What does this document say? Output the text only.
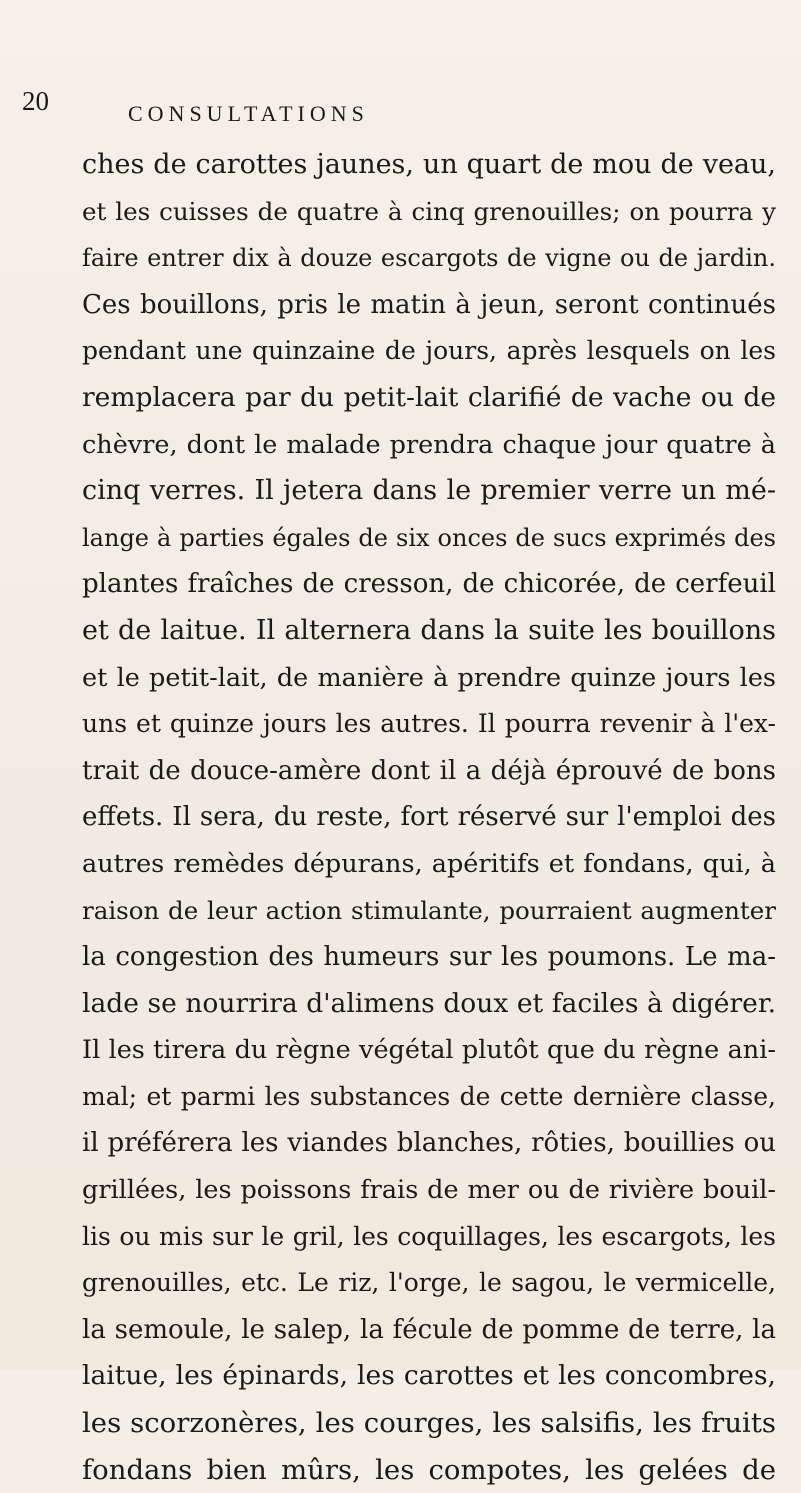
20	CONSULTATIONS
ches de carottes jaunes, un quart de mou de veau,
et les cuisses de quatre à cinq grenouilles; on pourra y
faire entrer dix à douze escargots de vigne ou de jardin.
Ces bouillons, pris le matin à jeun, seront continués
pendant une quinzaine de jours, après lesquels on les
remplacera par du petit-lait clarifié de vache ou de
chèvre, dont le malade prendra chaque jour quatre à
cinq verres. Il jetera dans le premier verre un mé-
lange à parties égales de six onces de sucs exprimés des
plantes fraîches de cresson, de chicorée, de cerfeuil
et de laitue. Il alternera dans la suite les bouillons
et le petit-lait, de manière à prendre quinze jours les
uns et quinze jours les autres. Il pourra revenir à l'ex-
trait de douce-amère dont il a déjà éprouvé de bons
effets. Il sera, du reste, fort réservé sur l'emploi des
autres remèdes dépurans, apéritifs et fondans, qui, à
raison de leur action stimulante, pourraient augmenter
la congestion des humeurs sur les poumons. Le ma-
lade se nourrira d'alimens doux et faciles à digérer.
Il les tirera du règne végétal plutôt que du règne ani-
mal; et parmi les substances de cette dernière classe,
il préférera les viandes blanches, rôties, bouillies ou
grillées, les poissons frais de mer ou de rivière bouil-
lis ou mis sur le gril, les coquillages, les escargots, les
grenouilles, etc. Le riz, l'orge, le sagou, le vermicelle,
la semoule, le salep, la fécule de pomme de terre, la
laitue, les épinards, les carottes et les concombres,
les scorzonères, les courges, les salsifis, les fruits
fondans bien mûrs, les compotes, les gelées de
